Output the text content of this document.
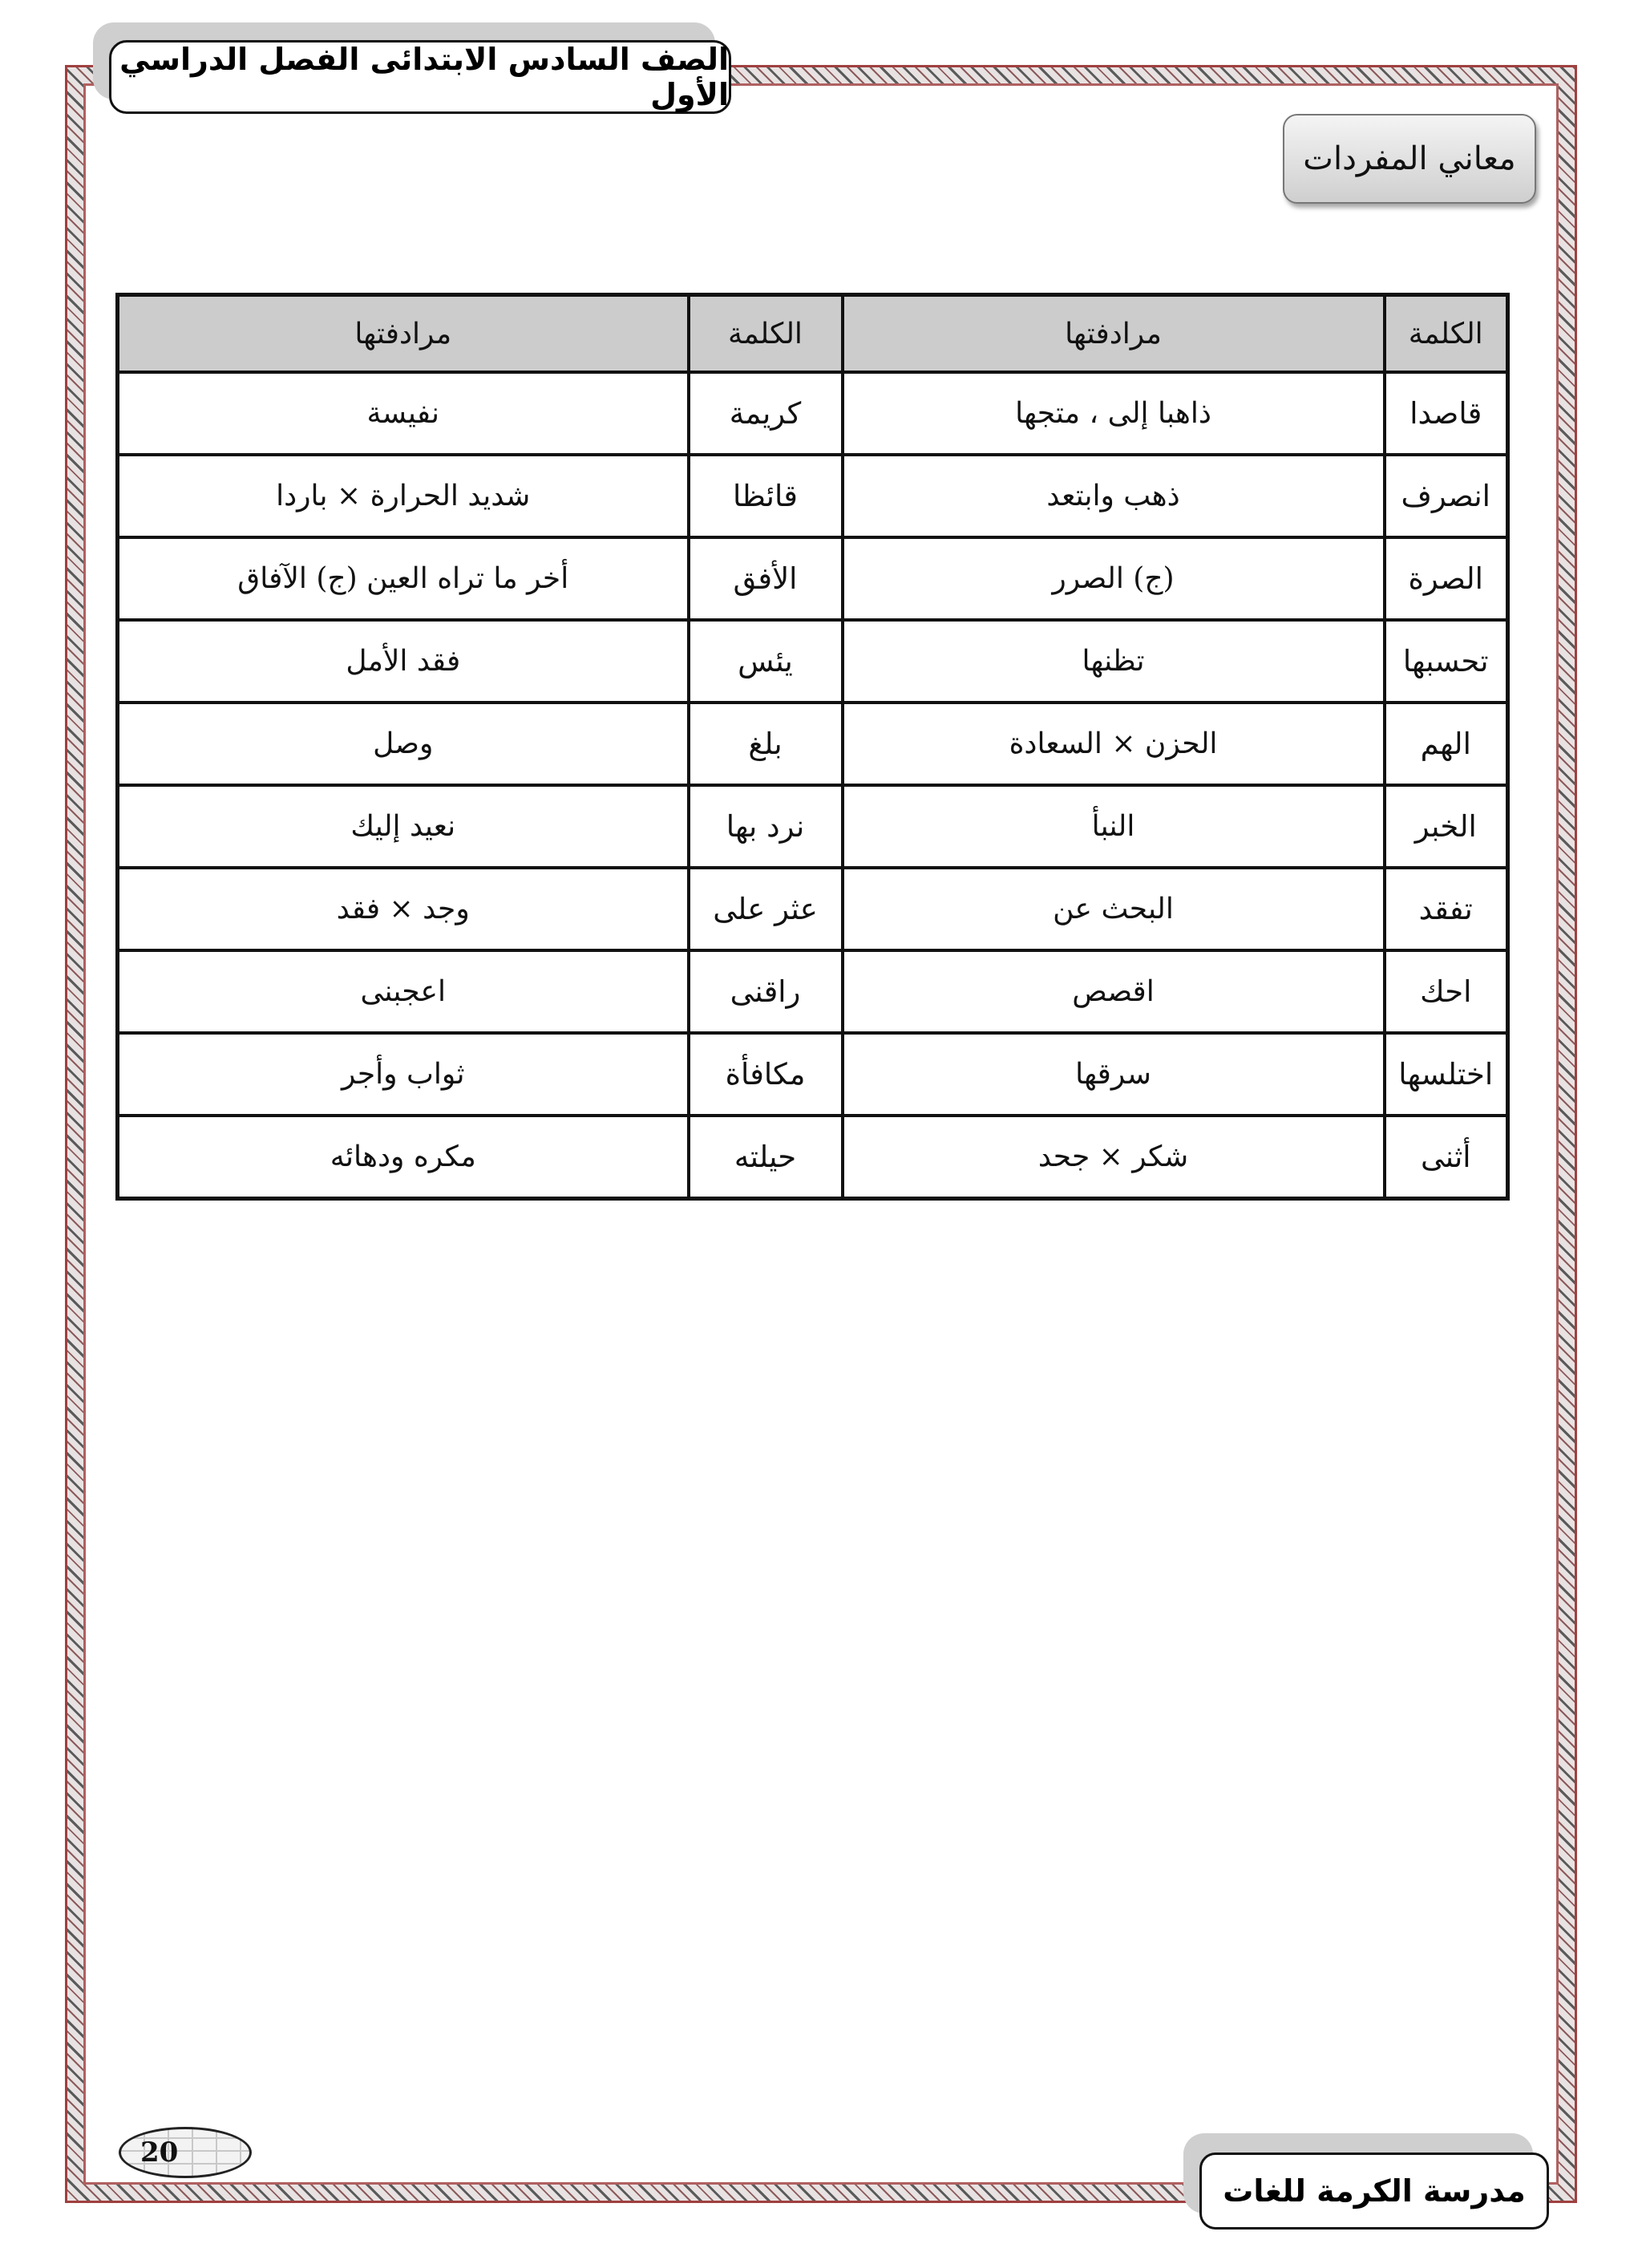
الصف السادس الابتدائى الفصل الدراسي الأول
معاني المفردات
الكلمة	مرادفتها	الكلمة	مرادفتها
قاصدا	ذاهبا إلى ، متجها	كريمة	نفيسة
انصرف	ذهب وابتعد	قائظا	شديد الحرارة × باردا
الصرة	(ج) الصرر	الأفق	أخر ما تراه العين (ج) الآفاق
تحسبها	تظنها	يئس	فقد الأمل
الهم	الحزن × السعادة	بلغ	وصل
الخبر	النبأ	نرد بها	نعيد إليك
تفقد	البحث عن	عثر على	وجد × فقد
احك	اقصص	راقنى	اعجبنى
اختلسها	سرقها	مكافأة	ثواب وأجر
أثنى	شكر × جحد	حيلته	مكره ودهائه
20
مدرسة الكرمة للغات
